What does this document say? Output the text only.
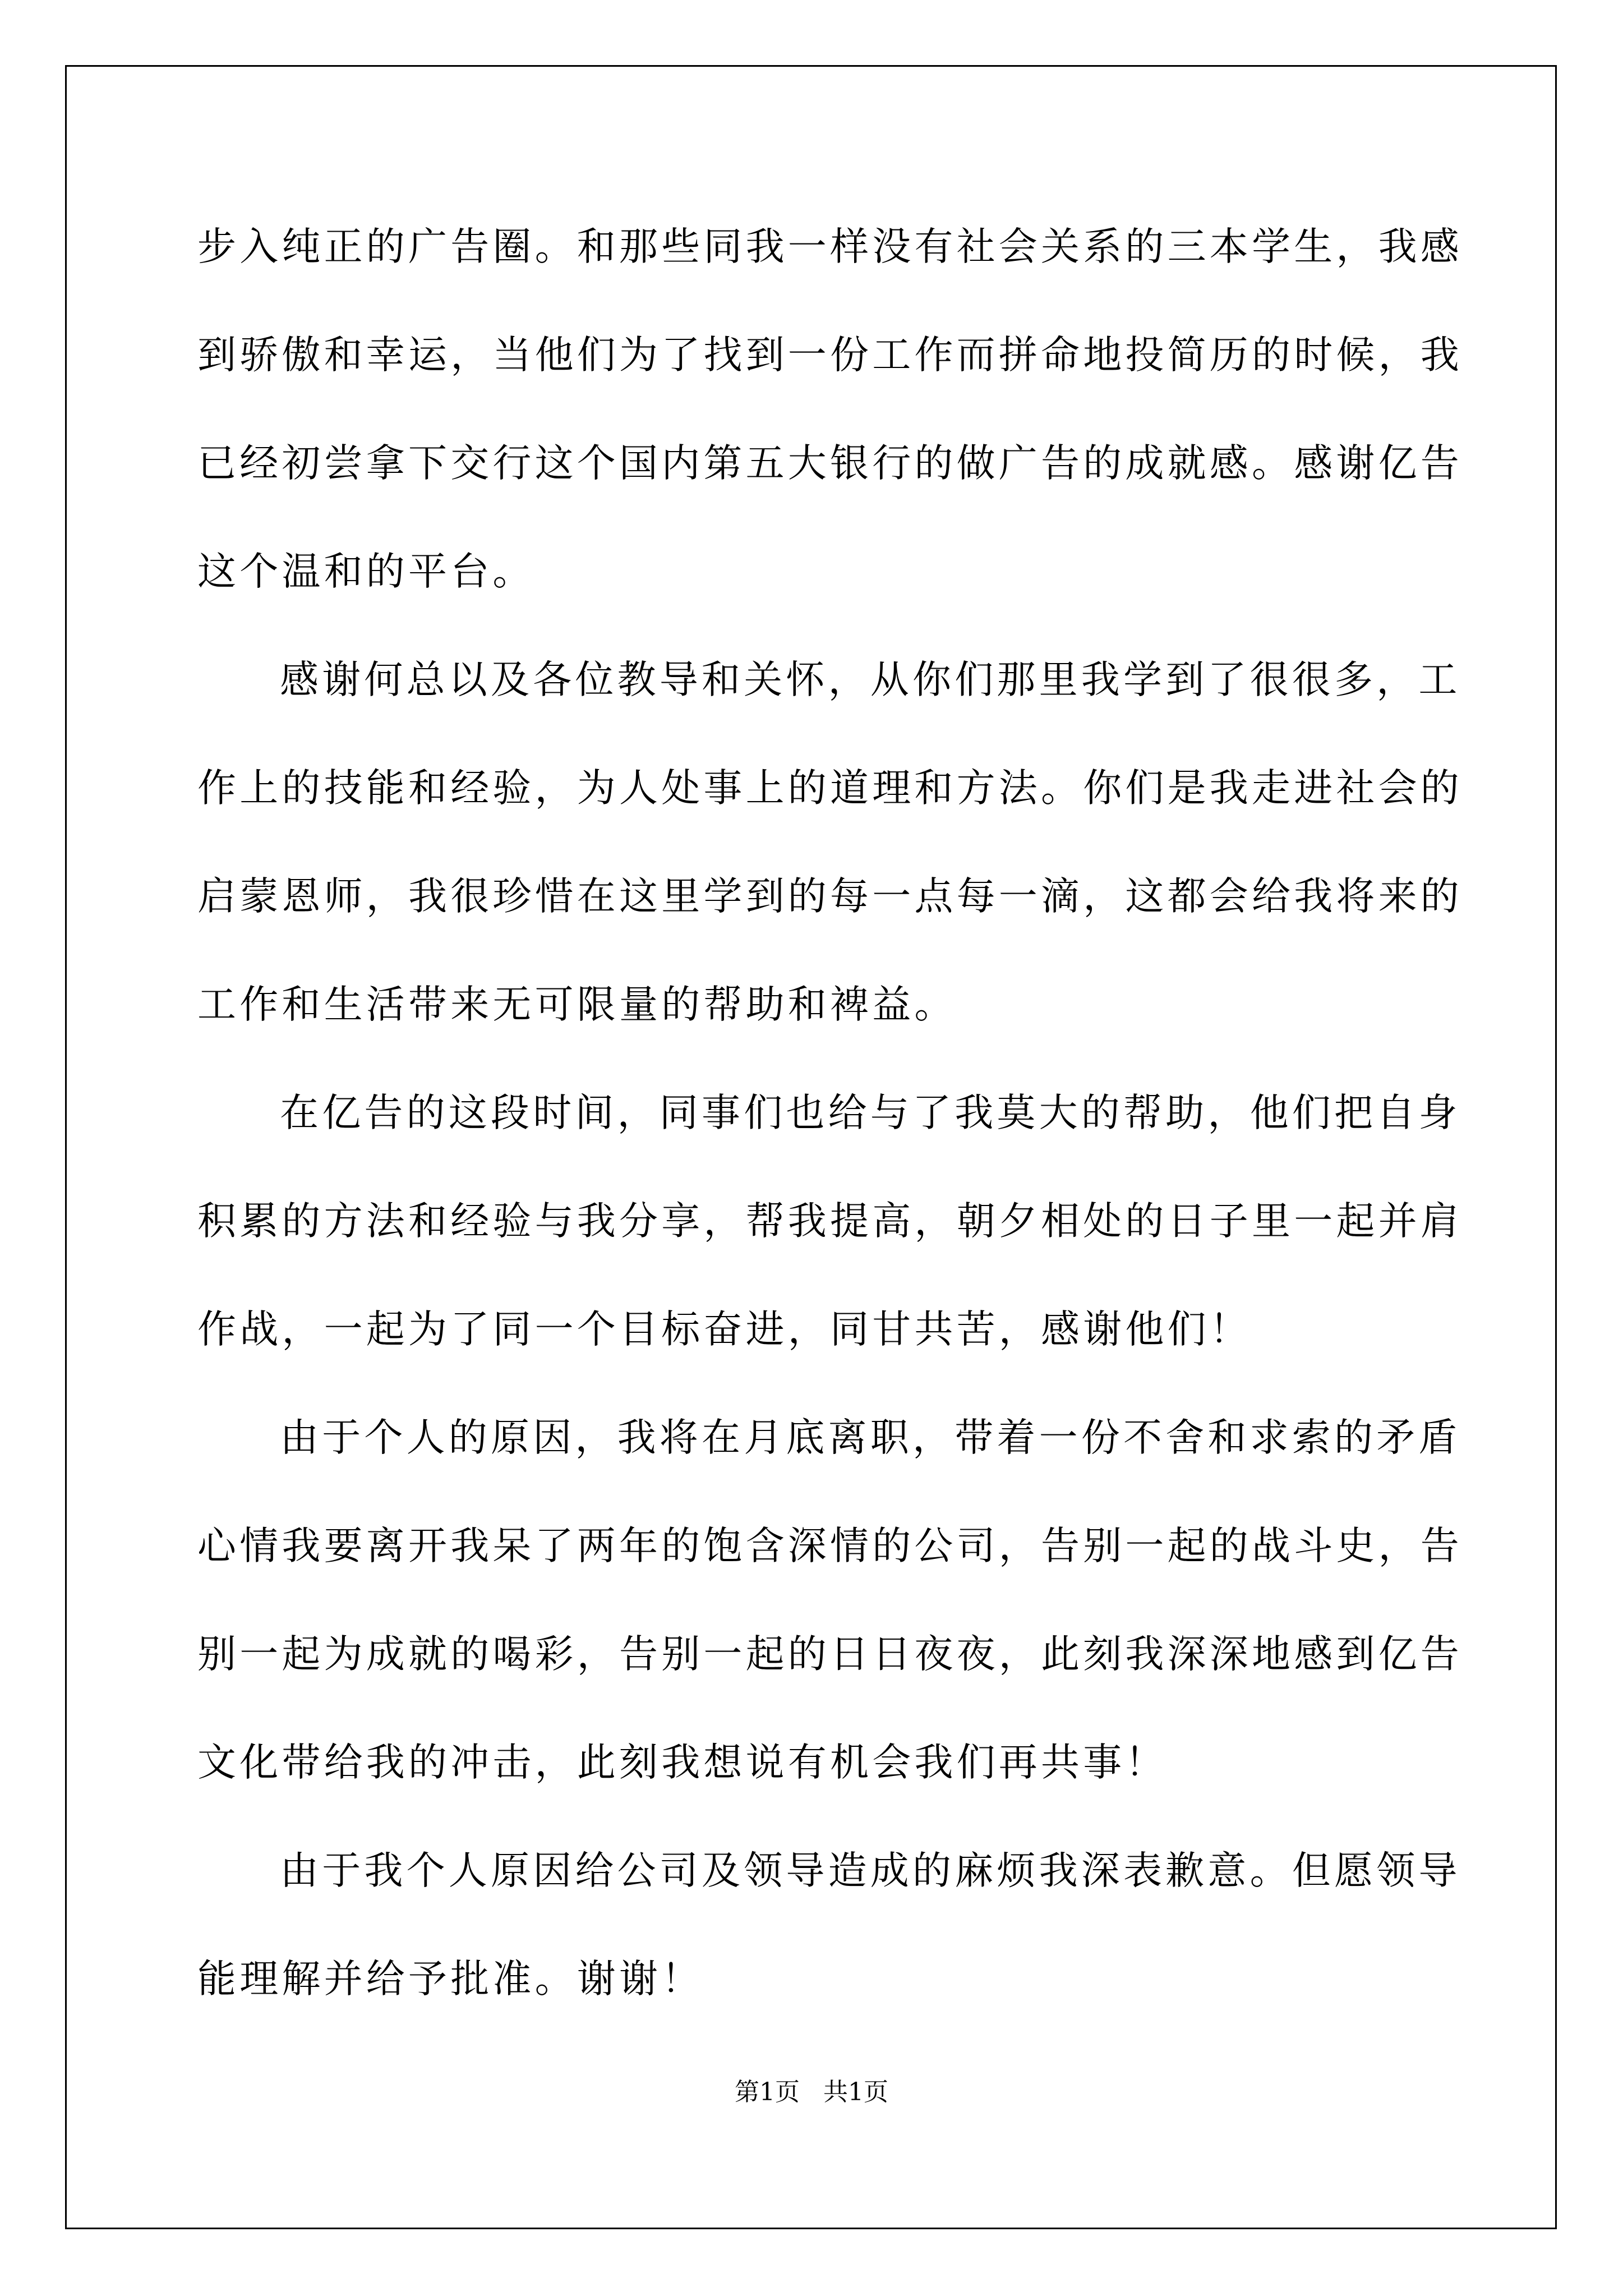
步入纯正的广告圈。和那些同我一样没有社会关系的三本学生，我感
到骄傲和幸运，当他们为了找到一份工作而拼命地投简历的时候，我
已经初尝拿下交行这个国内第五大银行的做广告的成就感。感谢亿告
这个温和的平台。
感谢何总以及各位教导和关怀，从你们那里我学到了很很多，工
作上的技能和经验，为人处事上的道理和方法。你们是我走进社会的
启蒙恩师，我很珍惜在这里学到的每一点每一滴，这都会给我将来的
工作和生活带来无可限量的帮助和裨益。
在亿告的这段时间，同事们也给与了我莫大的帮助，他们把自身
积累的方法和经验与我分享，帮我提高，朝夕相处的日子里一起并肩
作战，一起为了同一个目标奋进，同甘共苦，感谢他们！
由于个人的原因，我将在月底离职，带着一份不舍和求索的矛盾
心情我要离开我呆了两年的饱含深情的公司，告别一起的战斗史，告
别一起为成就的喝彩，告别一起的日日夜夜，此刻我深深地感到亿告
文化带给我的冲击，此刻我想说有机会我们再共事！
由于我个人原因给公司及领导造成的麻烦我深表歉意。但愿领导
能理解并给予批准。谢谢！
第1页   共1页
